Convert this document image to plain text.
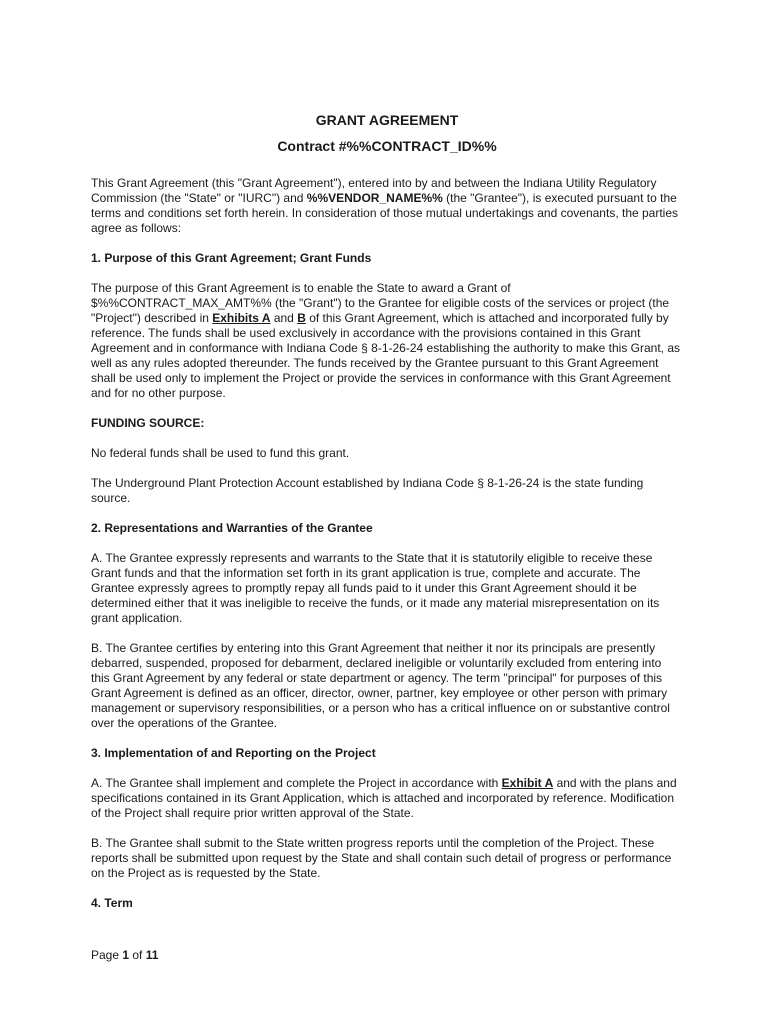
GRANT AGREEMENT
Contract #%%CONTRACT_ID%%

This Grant Agreement (this "Grant Agreement"), entered into by and between the Indiana Utility Regulatory Commission (the "State" or "IURC") and %%VENDOR_NAME%% (the "Grantee"), is executed pursuant to the terms and conditions set forth herein. In consideration of those mutual undertakings and covenants, the parties agree as follows:

1. Purpose of this Grant Agreement; Grant Funds

The purpose of this Grant Agreement is to enable the State to award a Grant of $%%CONTRACT_MAX_AMT%% (the "Grant") to the Grantee for eligible costs of the services or project (the "Project") described in Exhibits A and B of this Grant Agreement, which is attached and incorporated fully by reference. The funds shall be used exclusively in accordance with the provisions contained in this Grant Agreement and in conformance with Indiana Code § 8-1-26-24 establishing the authority to make this Grant, as well as any rules adopted thereunder. The funds received by the Grantee pursuant to this Grant Agreement shall be used only to implement the Project or provide the services in conformance with this Grant Agreement and for no other purpose.

FUNDING SOURCE:

No federal funds shall be used to fund this grant.

The Underground Plant Protection Account established by Indiana Code § 8-1-26-24 is the state funding source.

2. Representations and Warranties of the Grantee

A. The Grantee expressly represents and warrants to the State that it is statutorily eligible to receive these Grant funds and that the information set forth in its grant application is true, complete and accurate. The Grantee expressly agrees to promptly repay all funds paid to it under this Grant Agreement should it be determined either that it was ineligible to receive the funds, or it made any material misrepresentation on its grant application.

B. The Grantee certifies by entering into this Grant Agreement that neither it nor its principals are presently debarred, suspended, proposed for debarment, declared ineligible or voluntarily excluded from entering into this Grant Agreement by any federal or state department or agency. The term "principal" for purposes of this Grant Agreement is defined as an officer, director, owner, partner, key employee or other person with primary management or supervisory responsibilities, or a person who has a critical influence on or substantive control over the operations of the Grantee.

3. Implementation of and Reporting on the Project

A. The Grantee shall implement and complete the Project in accordance with Exhibit A and with the plans and specifications contained in its Grant Application, which is attached and incorporated by reference. Modification of the Project shall require prior written approval of the State.

B. The Grantee shall submit to the State written progress reports until the completion of the Project. These reports shall be submitted upon request by the State and shall contain such detail of progress or performance on the Project as is requested by the State.

4. Term
Page 1 of 11
